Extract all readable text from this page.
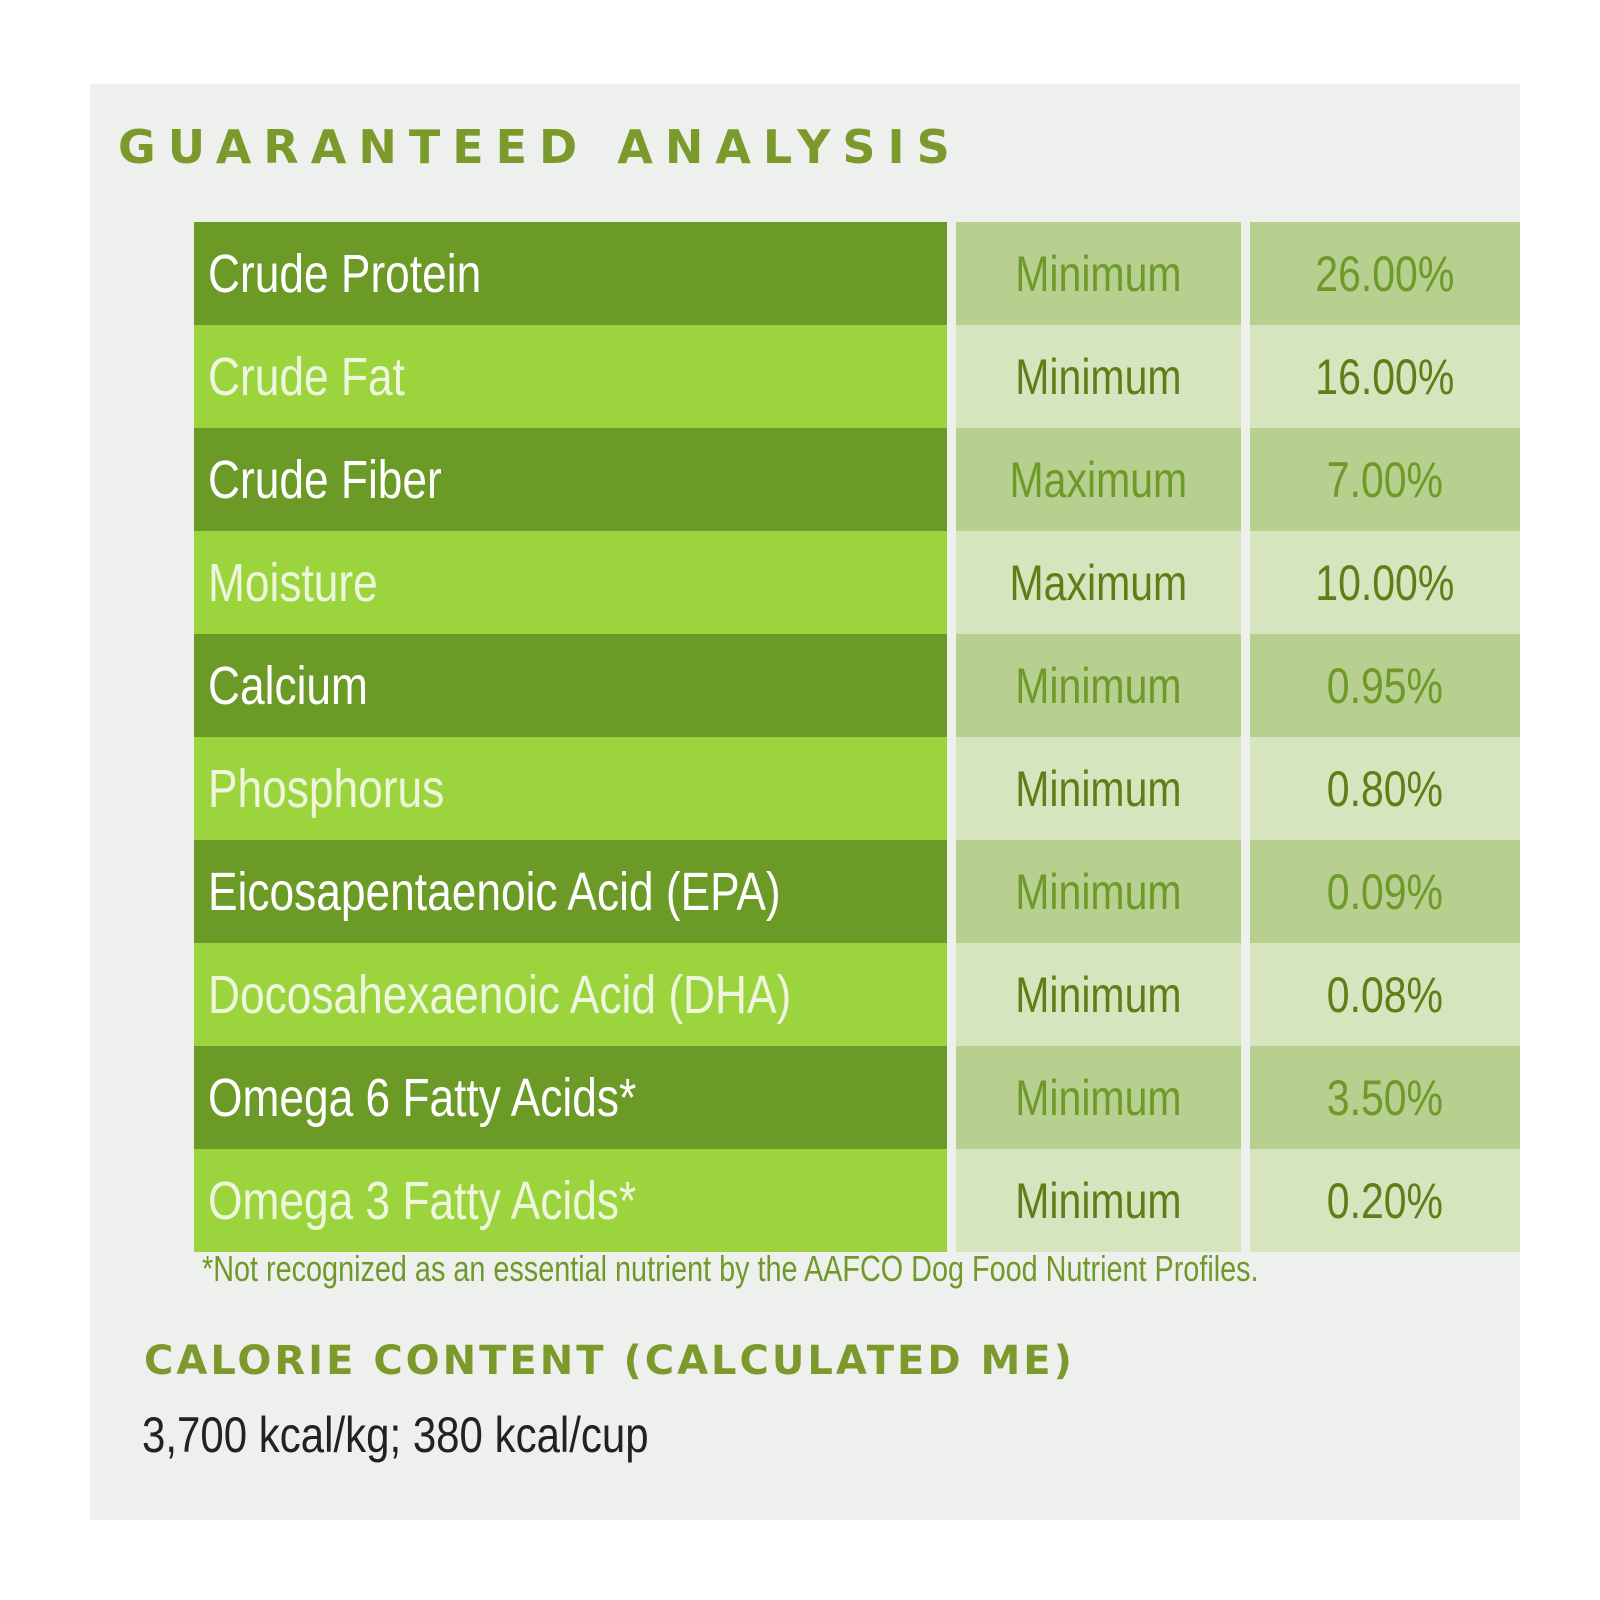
GUARANTEED ANALYSIS
Crude Protein	Minimum	26.00%
Crude Fat	Minimum	16.00%
Crude Fiber	Maximum	7.00%
Moisture	Maximum	10.00%
Calcium	Minimum	0.95%
Phosphorus	Minimum	0.80%
Eicosapentaenoic Acid (EPA)	Minimum	0.09%
Docosahexaenoic Acid (DHA)	Minimum	0.08%
Omega 6 Fatty Acids*	Minimum	3.50%
Omega 3 Fatty Acids*	Minimum	0.20%
*Not recognized as an essential nutrient by the AAFCO Dog Food Nutrient Profiles.
CALORIE CONTENT (CALCULATED ME)
3,700 kcal/kg; 380 kcal/cup
